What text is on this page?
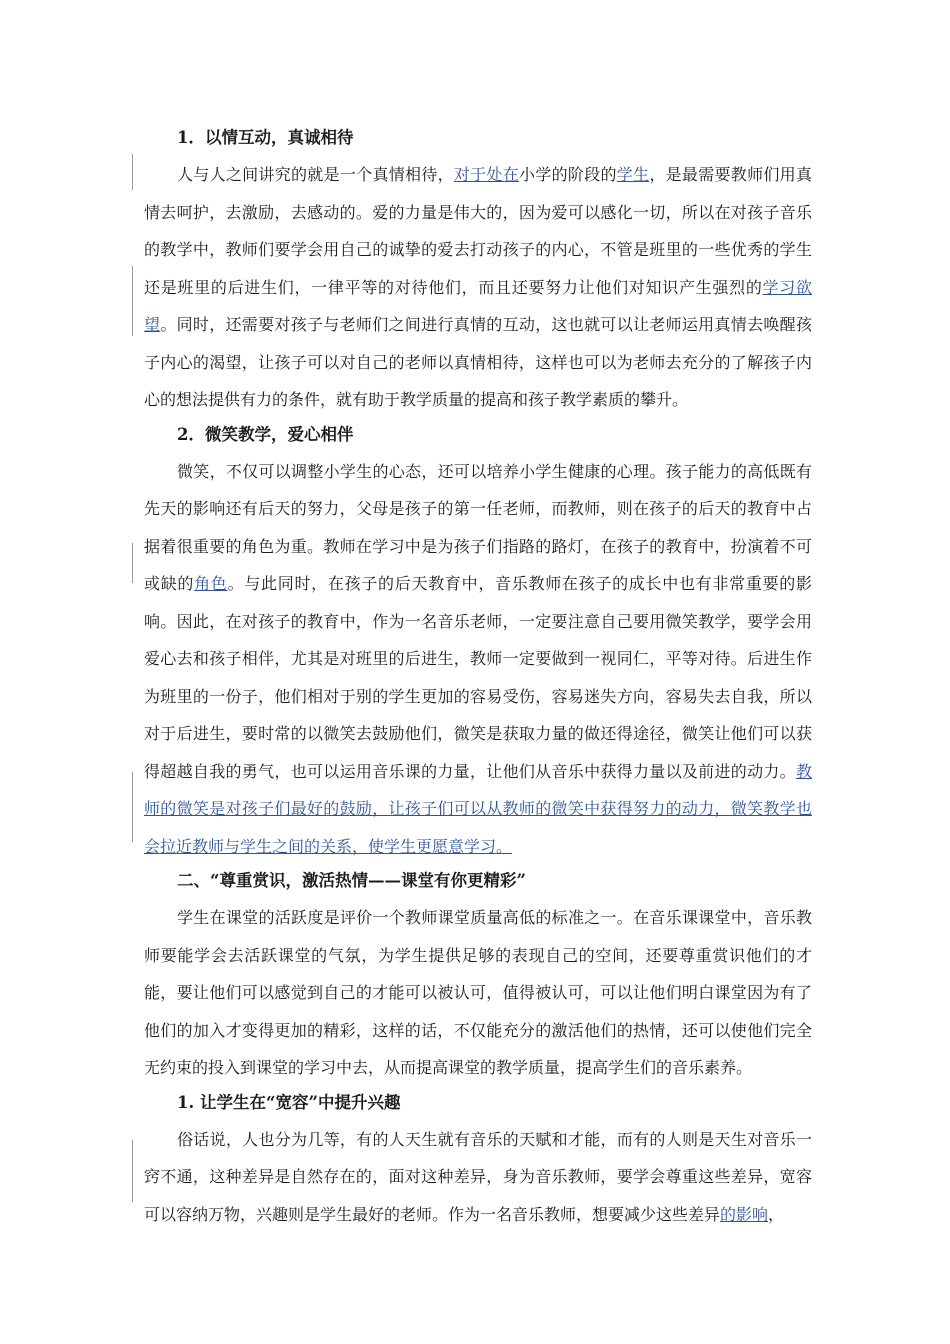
1．以情互动，真诚相待

人与人之间讲究的就是一个真情相待，对于处在小学的阶段的学生，是最需要教师们用真情去呵护，去激励，去感动的。爱的力量是伟大的，因为爱可以感化一切，所以在对孩子音乐的教学中，教师们要学会用自己的诚挚的爱去打动孩子的内心，不管是班里的一些优秀的学生还是班里的后进生们，一律平等的对待他们，而且还要努力让他们对知识产生强烈的学习欲望。同时，还需要对孩子与老师们之间进行真情的互动，这也就可以让老师运用真情去唤醒孩子内心的渴望，让孩子可以对自己的老师以真情相待，这样也可以为老师去充分的了解孩子内心的想法提供有力的条件，就有助于教学质量的提高和孩子教学素质的攀升。

2．微笑教学，爱心相伴

微笑，不仅可以调整小学生的心态，还可以培养小学生健康的心理。孩子能力的高低既有先天的影响还有后天的努力，父母是孩子的第一任老师，而教师，则在孩子的后天的教育中占据着很重要的角色为重。教师在学习中是为孩子们指路的路灯，在孩子的教育中，扮演着不可或缺的角色。与此同时，在孩子的后天教育中，音乐教师在孩子的成长中也有非常重要的影响。因此，在对孩子的教育中，作为一名音乐老师，一定要注意自己要用微笑教学，要学会用爱心去和孩子相伴，尤其是对班里的后进生，教师一定要做到一视同仁，平等对待。后进生作为班里的一份子，他们相对于别的学生更加的容易受伤，容易迷失方向，容易失去自我，所以对于后进生，要时常的以微笑去鼓励他们，微笑是获取力量的做还得途径，微笑让他们可以获得超越自我的勇气，也可以运用音乐课的力量，让他们从音乐中获得力量以及前进的动力。教师的微笑是对孩子们最好的鼓励，让孩子们可以从教师的微笑中获得努力的动力，微笑教学也会拉近教师与学生之间的关系，使学生更愿意学习。

二、“尊重赏识，激活热情——课堂有你更精彩”

学生在课堂的活跃度是评价一个教师课堂质量高低的标准之一。在音乐课课堂中，音乐教师要能学会去活跃课堂的气氛，为学生提供足够的表现自己的空间，还要尊重赏识他们的才能，要让他们可以感觉到自己的才能可以被认可，值得被认可，可以让他们明白课堂因为有了他们的加入才变得更加的精彩，这样的话，不仅能充分的激活他们的热情，还可以使他们完全无约束的投入到课堂的学习中去，从而提高课堂的教学质量，提高学生们的音乐素养。

1. 让学生在“宽容”中提升兴趣

俗话说，人也分为几等，有的人天生就有音乐的天赋和才能，而有的人则是天生对音乐一窍不通，这种差异是自然存在的，面对这种差异，身为音乐教师，要学会尊重这些差异，宽容可以容纳万物，兴趣则是学生最好的老师。作为一名音乐教师，想要减少这些差异的影响，
